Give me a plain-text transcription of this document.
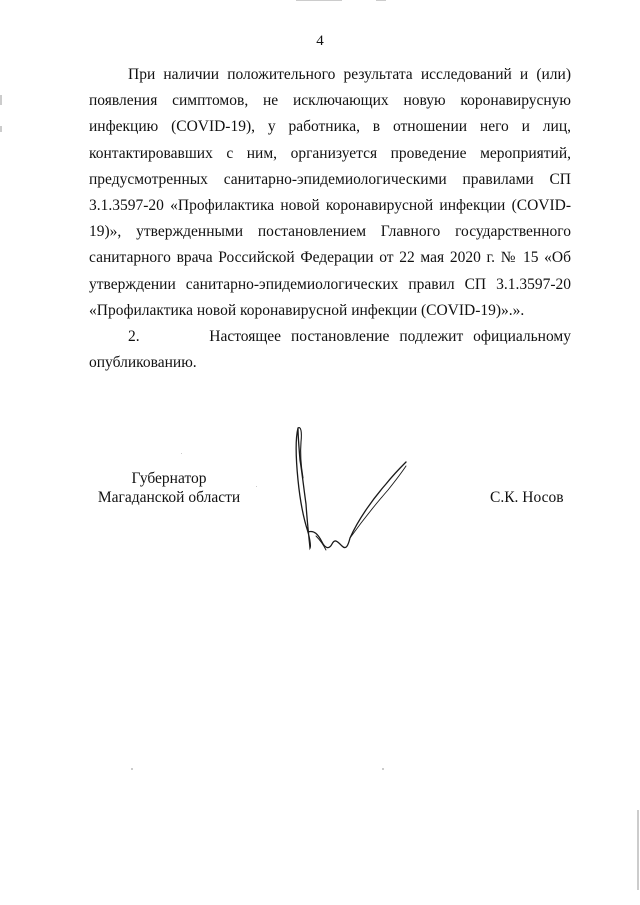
4

При наличии положительного результата исследований и (или) появления симптомов, не исключающих новую коронавирусную инфекцию (COVID-19), у работника, в отношении него и лиц, контактировавших с ним, организуется проведение мероприятий, предусмотренных санитарно-эпидемиологическими правилами СП 3.1.3597-20 «Профилактика новой коронавирусной инфекции (COVID-19)», утвержденными постановлением Главного государственного санитарного врача Российской Федерации от 22 мая 2020 г. № 15 «Об утверждении санитарно-эпидемиологических правил СП 3.1.3597-20 «Профилактика новой коронавирусной инфекции (COVID-19)».».

2.       Настоящее постановление подлежит официальному опубликованию.

Губернатор
Магаданской области	С.К. Носов
